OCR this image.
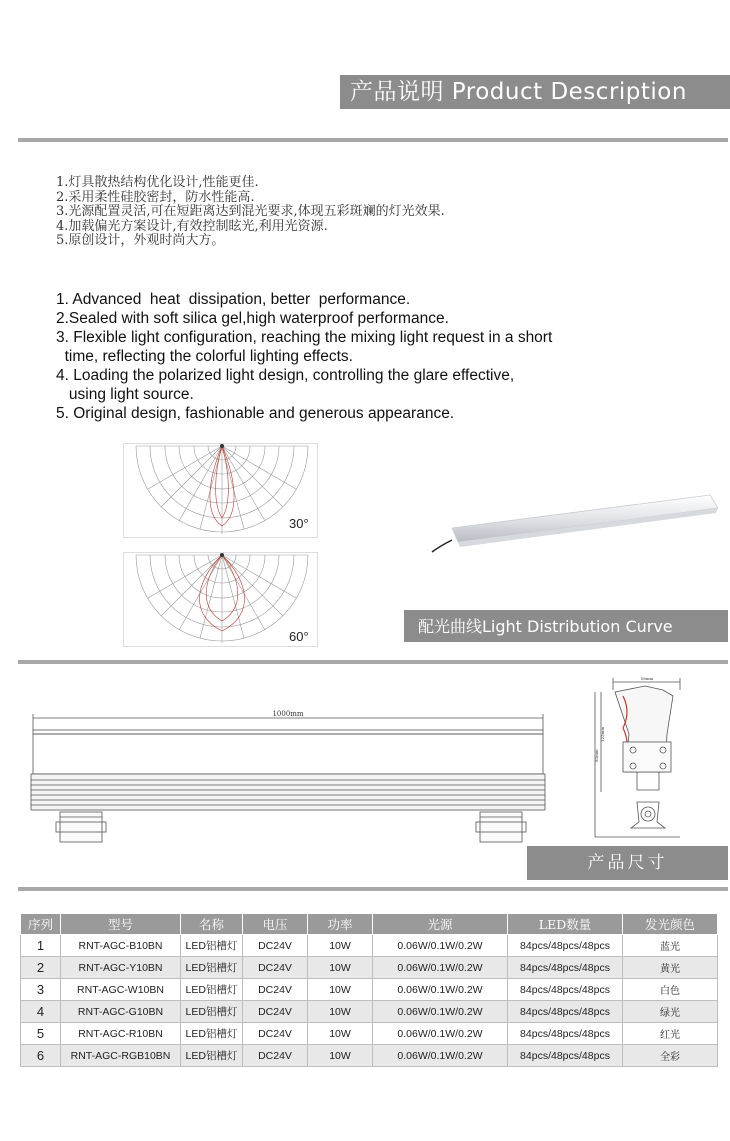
产品说明 Product Description
1.灯具散热结构优化设计,性能更佳.
2.采用柔性硅胶密封，防水性能高.
3.光源配置灵活,可在短距离达到混光要求,体现五彩斑斓的灯光效果.
4.加载偏光方案设计,有效控制眩光,利用光资源.
5.原创设计，外观时尚大方。
1. Advanced  heat  dissipation, better  performance.
2.Sealed with soft silica gel,high waterproof performance.
3. Flexible light configuration, reaching the mixing light request in a short
time, reflecting the colorful lighting effects.
4. Loading the polarized light design, controlling the glare effective,
using light source.
5. Original design, fashionable and generous appearance.
30°
60°
配光曲线Light Distribution Curve
1000mm
58mm
123mm
93mm
产品尺寸
序列	型号	名称	电压	功率	光源	LED数量	发光颜色
1	RNT-AGC-B10BN	LED铝槽灯	DC24V	10W	0.06W/0.1W/0.2W	84pcs/48pcs/48pcs	蓝光
2	RNT-AGC-Y10BN	LED铝槽灯	DC24V	10W	0.06W/0.1W/0.2W	84pcs/48pcs/48pcs	黄光
3	RNT-AGC-W10BN	LED铝槽灯	DC24V	10W	0.06W/0.1W/0.2W	84pcs/48pcs/48pcs	白色
4	RNT-AGC-G10BN	LED铝槽灯	DC24V	10W	0.06W/0.1W/0.2W	84pcs/48pcs/48pcs	绿光
5	RNT-AGC-R10BN	LED铝槽灯	DC24V	10W	0.06W/0.1W/0.2W	84pcs/48pcs/48pcs	红光
6	RNT-AGC-RGB10BN	LED铝槽灯	DC24V	10W	0.06W/0.1W/0.2W	84pcs/48pcs/48pcs	全彩
